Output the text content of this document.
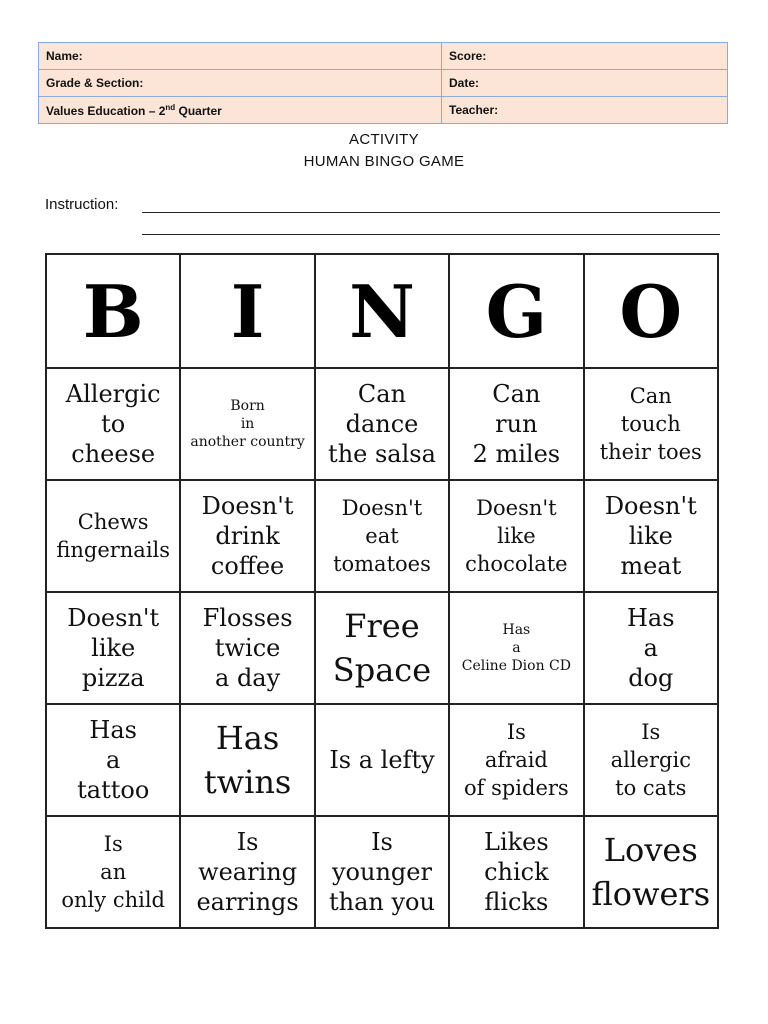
Name:	Score:
Grade & Section:	Date:
Values Education – 2nd Quarter	Teacher:
ACTIVITY
HUMAN BINGO GAME
Instruction:
B	I	N	G	O

Allergic
to
cheese	Born
in
another country	Can
dance
the salsa	Can
run
2 miles	Can
touch
their toes

Chews
fingernails	Doesn't
drink
coffee	Doesn't
eat
tomatoes	Doesn't
like
chocolate	Doesn't
like
meat

Doesn't
like
pizza	Flosses
twice
a day	Free
Space	Has
a
Celine Dion CD	Has
a
dog

Has
a
tattoo	Has
twins	Is a lefty	Is
afraid
of spiders	Is
allergic
to cats

Is
an
only child	Is
wearing
earrings	Is
younger
than you	Likes
chick
flicks	Loves
flowers
